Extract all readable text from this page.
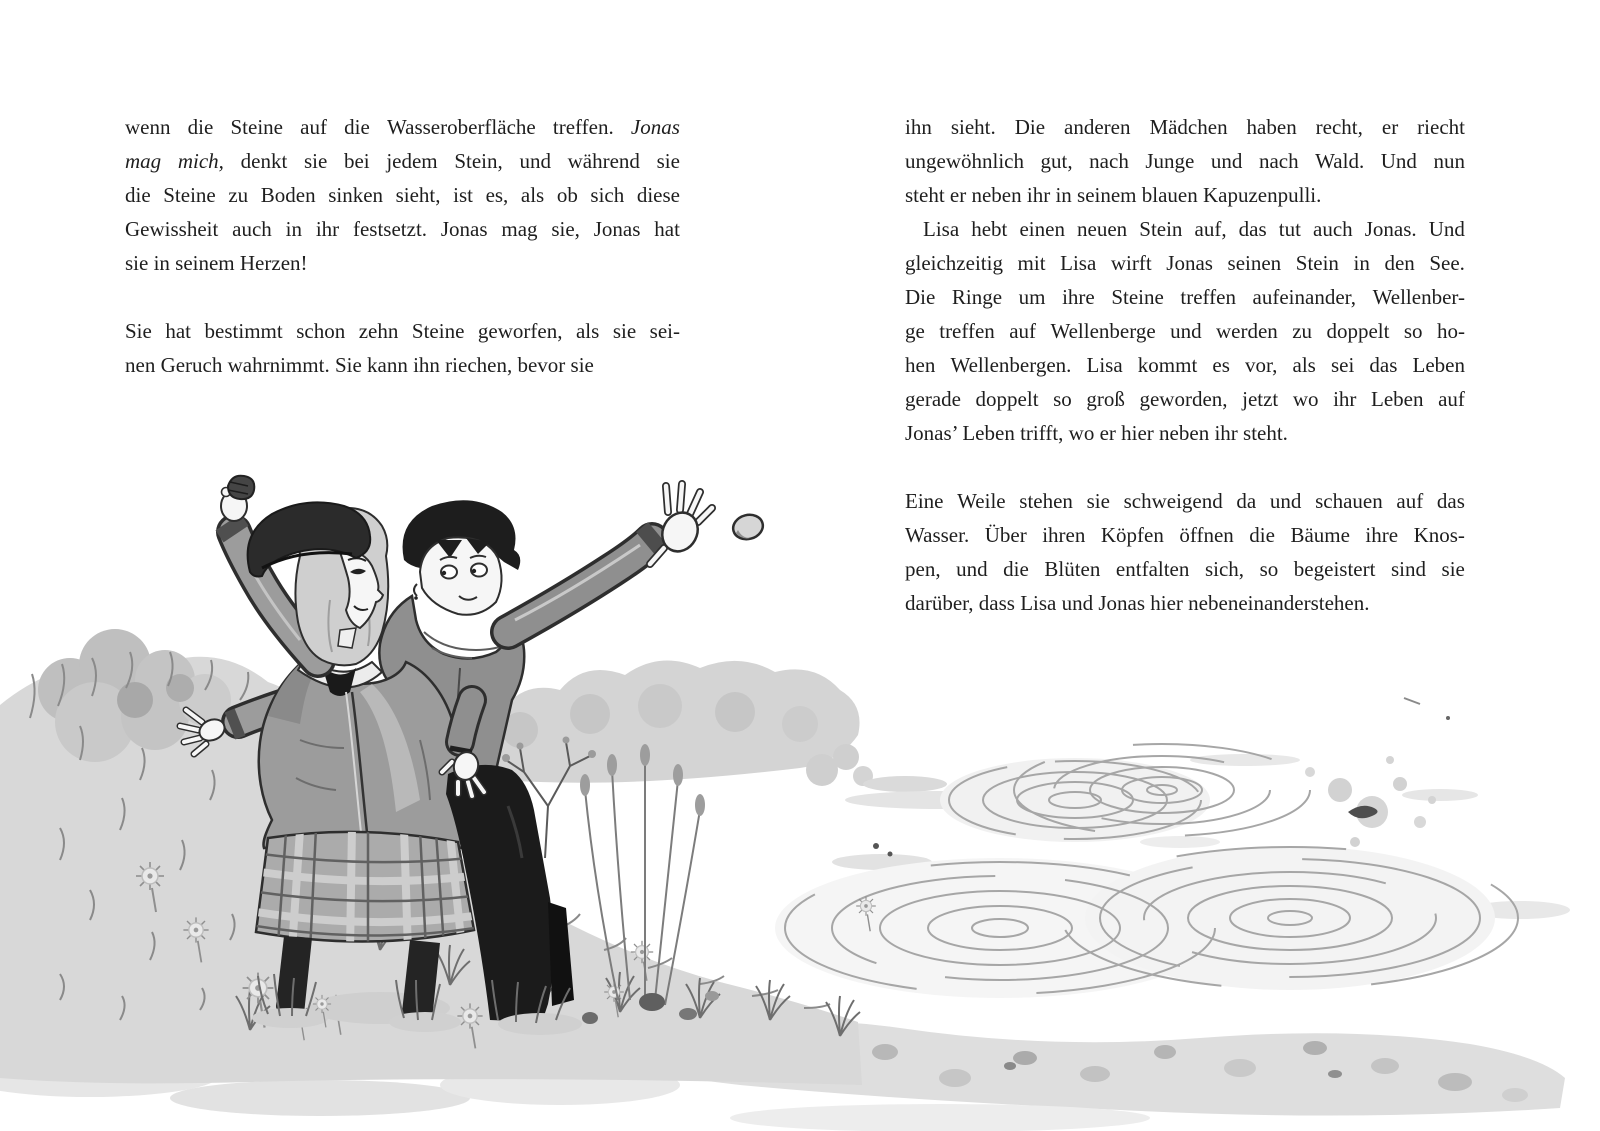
wenn die Steine auf die Wasseroberfläche treffen. Jonas
mag mich, denkt sie bei jedem Stein, und während sie
die Steine zu Boden sinken sieht, ist es, als ob sich diese
Gewissheit auch in ihr festsetzt. Jonas mag sie, Jonas hat
sie in seinem Herzen!
Sie hat bestimmt schon zehn Steine geworfen, als sie sei-
nen Geruch wahrnimmt. Sie kann ihn riechen, bevor sie
ihn sieht. Die anderen Mädchen haben recht, er riecht
ungewöhnlich gut, nach Junge und nach Wald. Und nun
steht er neben ihr in seinem blauen Kapuzenpulli.
Lisa hebt einen neuen Stein auf, das tut auch Jonas. Und
gleichzeitig mit Lisa wirft Jonas seinen Stein in den See.
Die Ringe um ihre Steine treffen aufeinander, Wellenber-
ge treffen auf Wellenberge und werden zu doppelt so ho-
hen Wellenbergen. Lisa kommt es vor, als sei das Leben
gerade doppelt so groß geworden, jetzt wo ihr Leben auf
Jonas’ Leben trifft, wo er hier neben ihr steht.
Eine Weile stehen sie schweigend da und schauen auf das
Wasser. Über ihren Köpfen öffnen die Bäume ihre Knos-
pen, und die Blüten entfalten sich, so begeistert sind sie
darüber, dass Lisa und Jonas hier nebeneinanderstehen.
